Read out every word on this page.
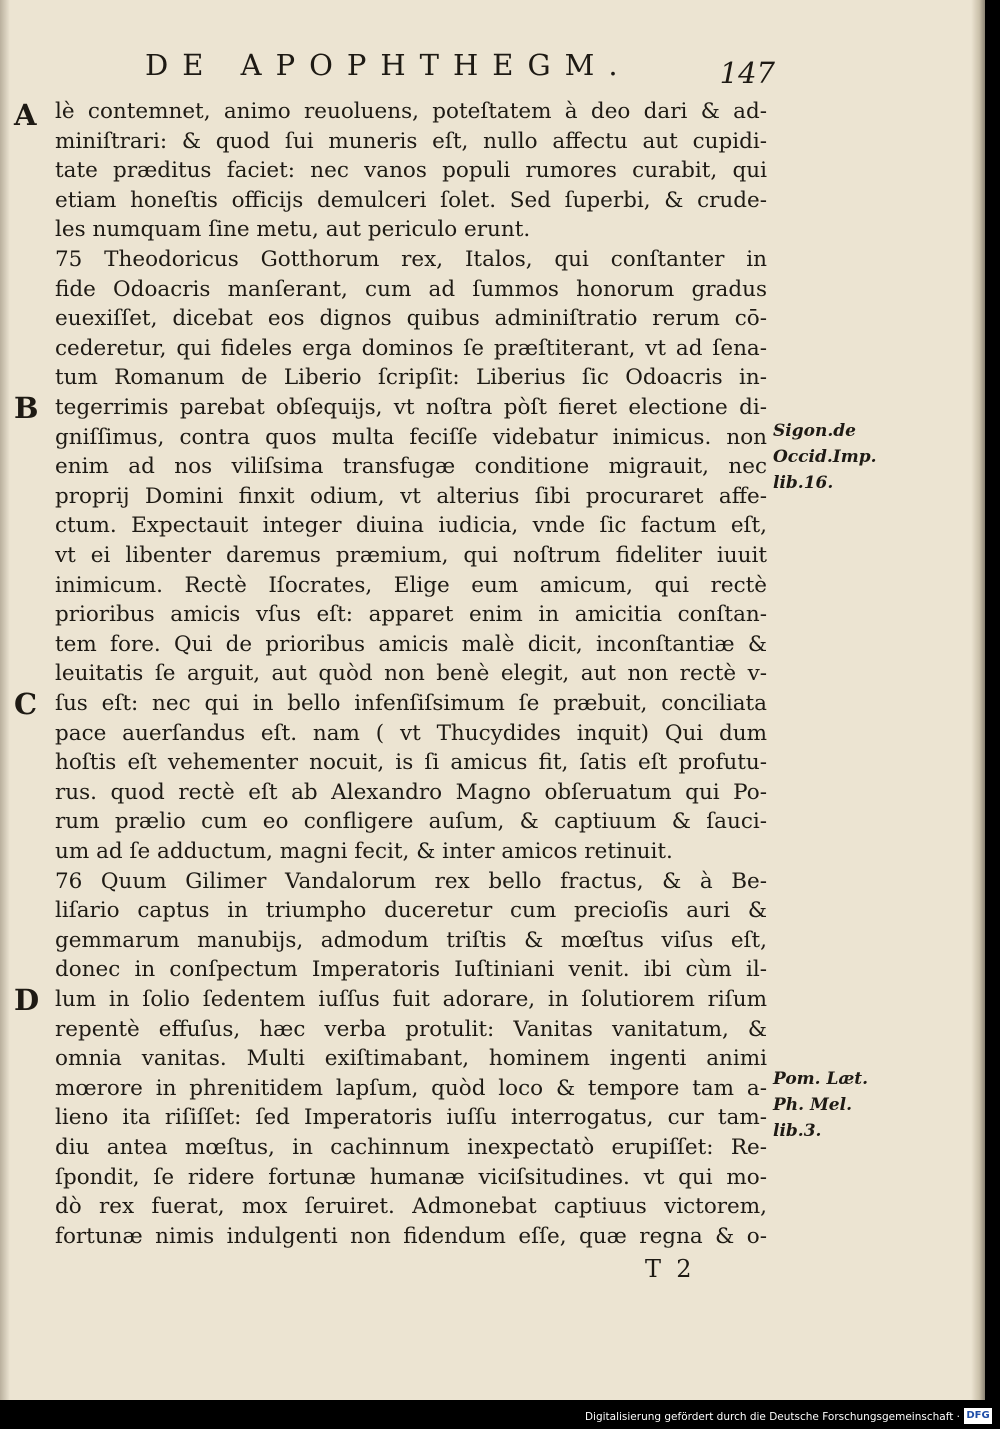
DE APOPHTHEGM.	147
A
B
C
D
Sigon.de
Occid.Imp.
lib.16.
Pom. Læt.
Ph. Mel.
lib.3.
T  2
lè contemnet, animo reuoluens, poteſtatem à deo dari & ad-
miniſtrari: & quod ſui muneris eſt, nullo affectu aut cupidi-
tate præditus faciet: nec vanos populi rumores curabit, qui
etiam honeſtis officijs demulceri ſolet. Sed ſuperbi, & crude-
les numquam ſine metu, aut periculo erunt.
75 Theodoricus Gotthorum rex, Italos, qui conſtanter in
fide Odoacris manſerant, cum ad ſummos honorum gradus
euexiſſet, dicebat eos dignos quibus adminiſtratio rerum cō-
cederetur, qui fideles erga dominos ſe præſtiterant, vt ad ſena-
tum Romanum de Liberio ſcripſit: Liberius ſic Odoacris in-
tegerrimis parebat obſequijs, vt noſtra pòſt fieret electione di-
gniſſimus, contra quos multa feciſſe videbatur inimicus. non
enim ad nos viliſsima transfugæ conditione migrauit, nec
proprij Domini finxit odium, vt alterius ſibi procuraret affe-
ctum. Expectauit integer diuina iudicia, vnde ſic factum eſt,
vt ei libenter daremus præmium, qui noſtrum fideliter iuuit
inimicum. Rectè Iſocrates, Elige eum amicum, qui rectè
prioribus amicis vſus eſt: apparet enim in amicitia conſtan-
tem fore. Qui de prioribus amicis malè dicit, inconſtantiæ &
leuitatis ſe arguit, aut quòd non benè elegit, aut non rectè v-
ſus eſt: nec qui in bello infenſiſsimum ſe præbuit, conciliata
pace auerſandus eſt. nam ( vt Thucydides inquit) Qui dum
hoſtis eſt vehementer nocuit, is ſi amicus fit, ſatis eſt profutu-
rus. quod rectè eſt ab Alexandro Magno obſeruatum qui Po-
rum prælio cum eo confligere auſum, & captiuum & ſauci-
um ad ſe adductum, magni fecit, & inter amicos retinuit.
76 Quum Gilimer Vandalorum rex bello fractus, & à Be-
liſario captus in triumpho duceretur cum precioſis auri &
gemmarum manubijs, admodum triſtis & mœſtus viſus eſt,
donec in conſpectum Imperatoris Iuſtiniani venit. ibi cùm il-
lum in ſolio ſedentem iuſſus fuit adorare, in ſolutiorem riſum
repentè effuſus, hæc verba protulit: Vanitas vanitatum, &
omnia vanitas. Multi exiſtimabant, hominem ingenti animi
mœrore in phrenitidem lapſum, quòd loco & tempore tam a-
lieno ita riſiſſet: ſed Imperatoris iuſſu interrogatus, cur tam-
diu antea mœſtus, in cachinnum inexpectatò erupiſſet: Re-
ſpondit, ſe ridere fortunæ humanæ viciſsitudines. vt qui mo-
dò rex fuerat, mox ſeruiret. Admonebat captiuus victorem,
fortunæ nimis indulgenti non fidendum eſſe, quæ regna & o-
Digitalisierung gefördert durch die Deutsche Forschungsgemeinschaft · DFG
